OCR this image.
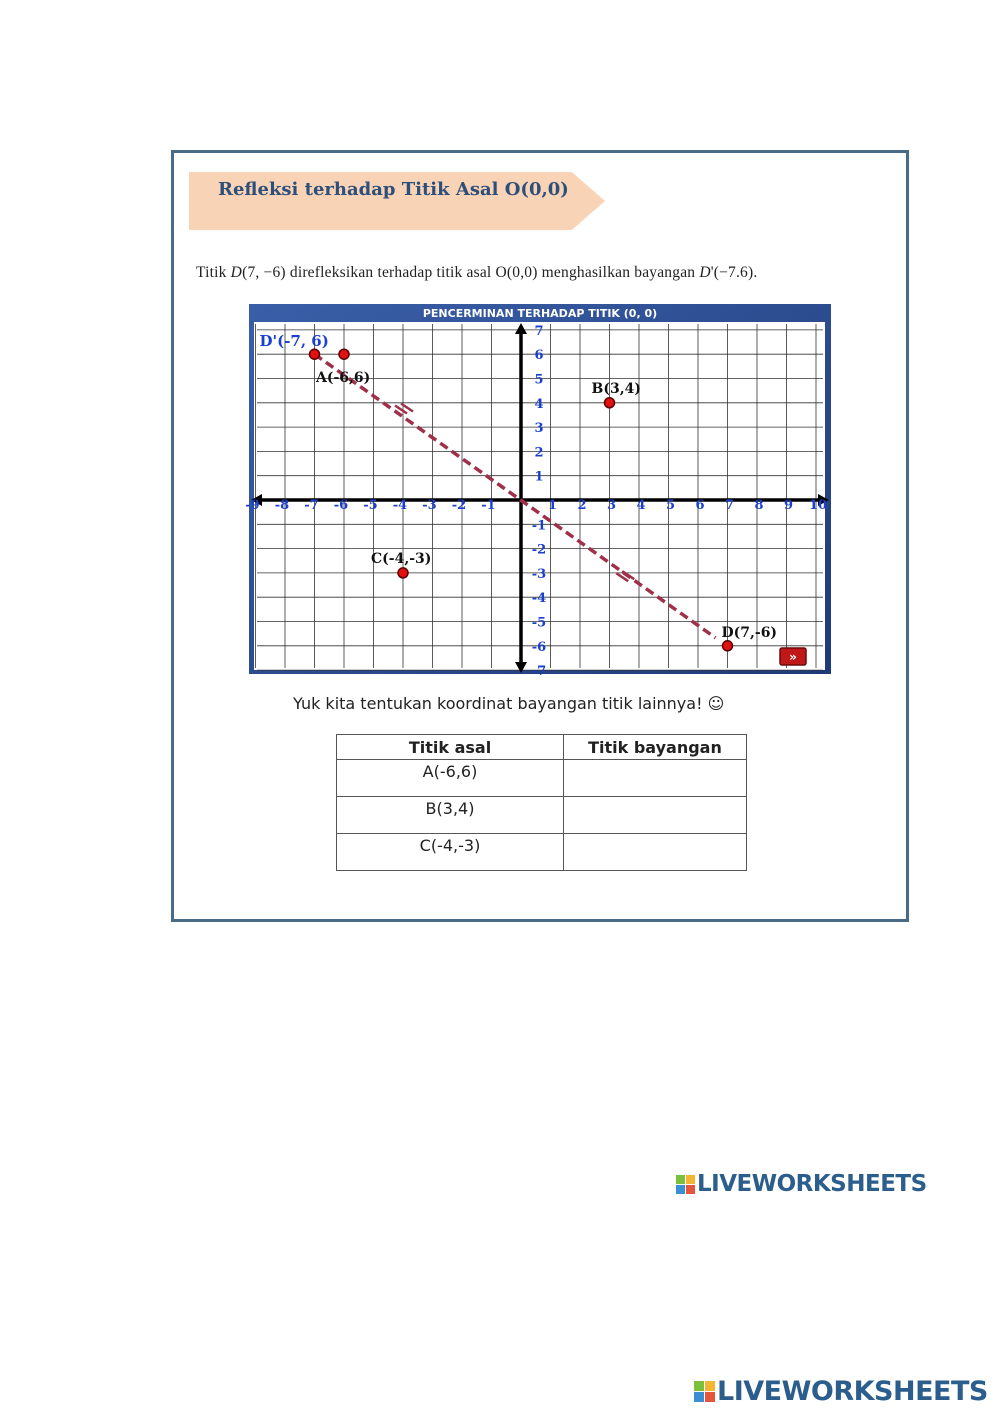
Refleksi terhadap Titik Asal O(0,0)
Titik D(7, −6) direfleksikan terhadap titik asal O(0,0) menghasilkan bayangan D'(−7.6).
PENCERMINAN TERHADAP TITIK (0, 0)
-9 -8 -7 -6 -5 -4 -3 -2 -1	1 2 3 4 5 6 7 8 9 10
7
6
5
4
3
2
1
-1
-2
-3
-4
-5
-6
-7
D'(-7, 6)
A(-6,6)
B(3,4)
C(-4,-3)
D(7,-6)
»
Yuk kita tentukan koordinat bayangan titik lainnya! ☺
Titik asal	Titik bayangan
A(-6,6)	
B(3,4)	
C(-4,-3)	
LIVEWORKSHEETS
LIVEWORKSHEETS
